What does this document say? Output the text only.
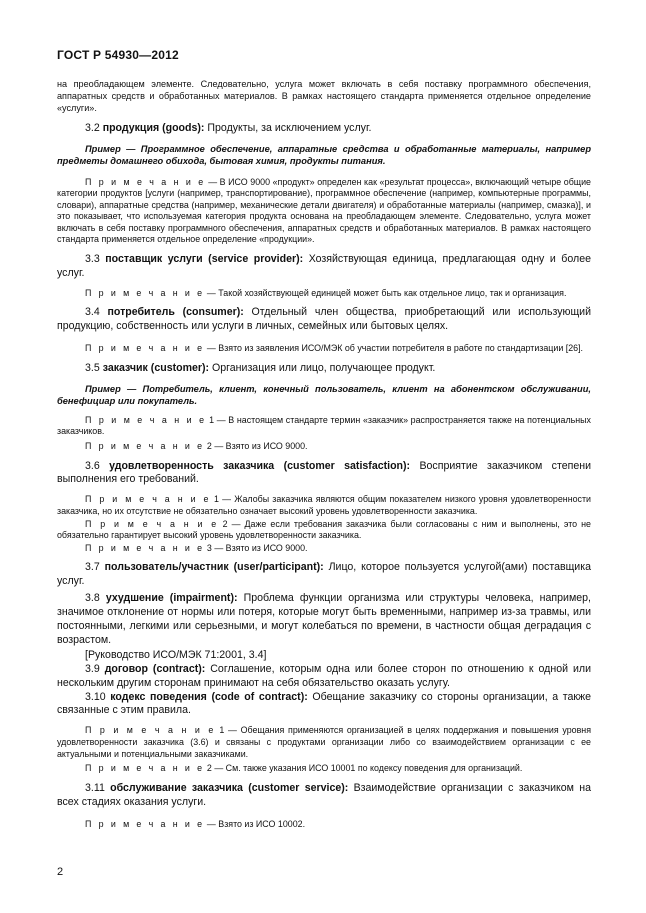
ГОСТ Р 54930—2012

на преобладающем элементе. Следовательно, услуга может включать в себя поставку программного обеспечения, аппаратных средств и обработанных материалов. В рамках настоящего стандарта применяется отдельное определение «услуги».

3.2 продукция (goods): Продукты, за исключением услуг.

Пример — Программное обеспечение, аппаратные средства и обработанные материалы, например предметы домашнего обихода, бытовая химия, продукты питания.

П р и м е ч а н и е — В ИСО 9000 «продукт» определен как «результат процесса», включающий четыре общие категории продуктов [услуги (например, транспортирование), программное обеспечение (например, компьютерные программы, словари), аппаратные средства (например, механические детали двигателя) и обработанные материалы (например, смазка)], и это показывает, что используемая категория продукта основана на преобладающем элементе. Следовательно, услуга может включать в себя поставку программного обеспечения, аппаратных средств и обработанных материалов. В рамках настоящего стандарта применяется отдельное определение «продукции».

3.3 поставщик услуги (service provider): Хозяйствующая единица, предлагающая одну и более услуг.

П р и м е ч а н и е — Такой хозяйствующей единицей может быть как отдельное лицо, так и организация.

3.4 потребитель (consumer): Отдельный член общества, приобретающий или использующий продукцию, собственность или услуги в личных, семейных или бытовых целях.

П р и м е ч а н и е — Взято из заявления ИСО/МЭК об участии потребителя в работе по стандартизации [26].

3.5 заказчик (customer): Организация или лицо, получающее продукт.

Пример — Потребитель, клиент, конечный пользователь, клиент на абонентском обслуживании, бенефициар или покупатель.

П р и м е ч а н и е 1 — В настоящем стандарте термин «заказчик» распространяется также на потенциальных заказчиков.

П р и м е ч а н и е 2 — Взято из ИСО 9000.

3.6 удовлетворенность заказчика (customer satisfaction): Восприятие заказчиком степени выполнения его требований.

П р и м е ч а н и е 1 — Жалобы заказчика являются общим показателем низкого уровня удовлетворенности заказчика, но их отсутствие не обязательно означает высокий уровень удовлетворенности заказчика.

П р и м е ч а н и е 2 — Даже если требования заказчика были согласованы с ним и выполнены, это не обязательно гарантирует высокий уровень удовлетворенности заказчика.

П р и м е ч а н и е 3 — Взято из ИСО 9000.

3.7 пользователь/участник (user/participant): Лицо, которое пользуется услугой(ами) поставщика услуг.

3.8 ухудшение (impairment): Проблема функции организма или структуры человека, например, значимое отклонение от нормы или потеря, которые могут быть временными, например из-за травмы, или постоянными, легкими или серьезными, и могут колебаться по времени, в частности общая деградация с возрастом.

[Руководство ИСО/МЭК 71:2001, 3.4]

3.9 договор (contract): Соглашение, которым одна или более сторон по отношению к одной или нескольким другим сторонам принимают на себя обязательство оказать услугу.

3.10 кодекс поведения (code of contract): Обещание заказчику со стороны организации, а также связанные с этим правила.

П р и м е ч а н и е 1 — Обещания применяются организацией в целях поддержания и повышения уровня удовлетворенности заказчика (3.6) и связаны с продуктами организации либо со взаимодействием организации с ее актуальными и потенциальными заказчиками.

П р и м е ч а н и е 2 — См. также указания ИСО 10001 по кодексу поведения для организаций.

3.11 обслуживание заказчика (customer service): Взаимодействие организации с заказчиком на всех стадиях оказания услуги.

П р и м е ч а н и е — Взято из ИСО 10002.

2
